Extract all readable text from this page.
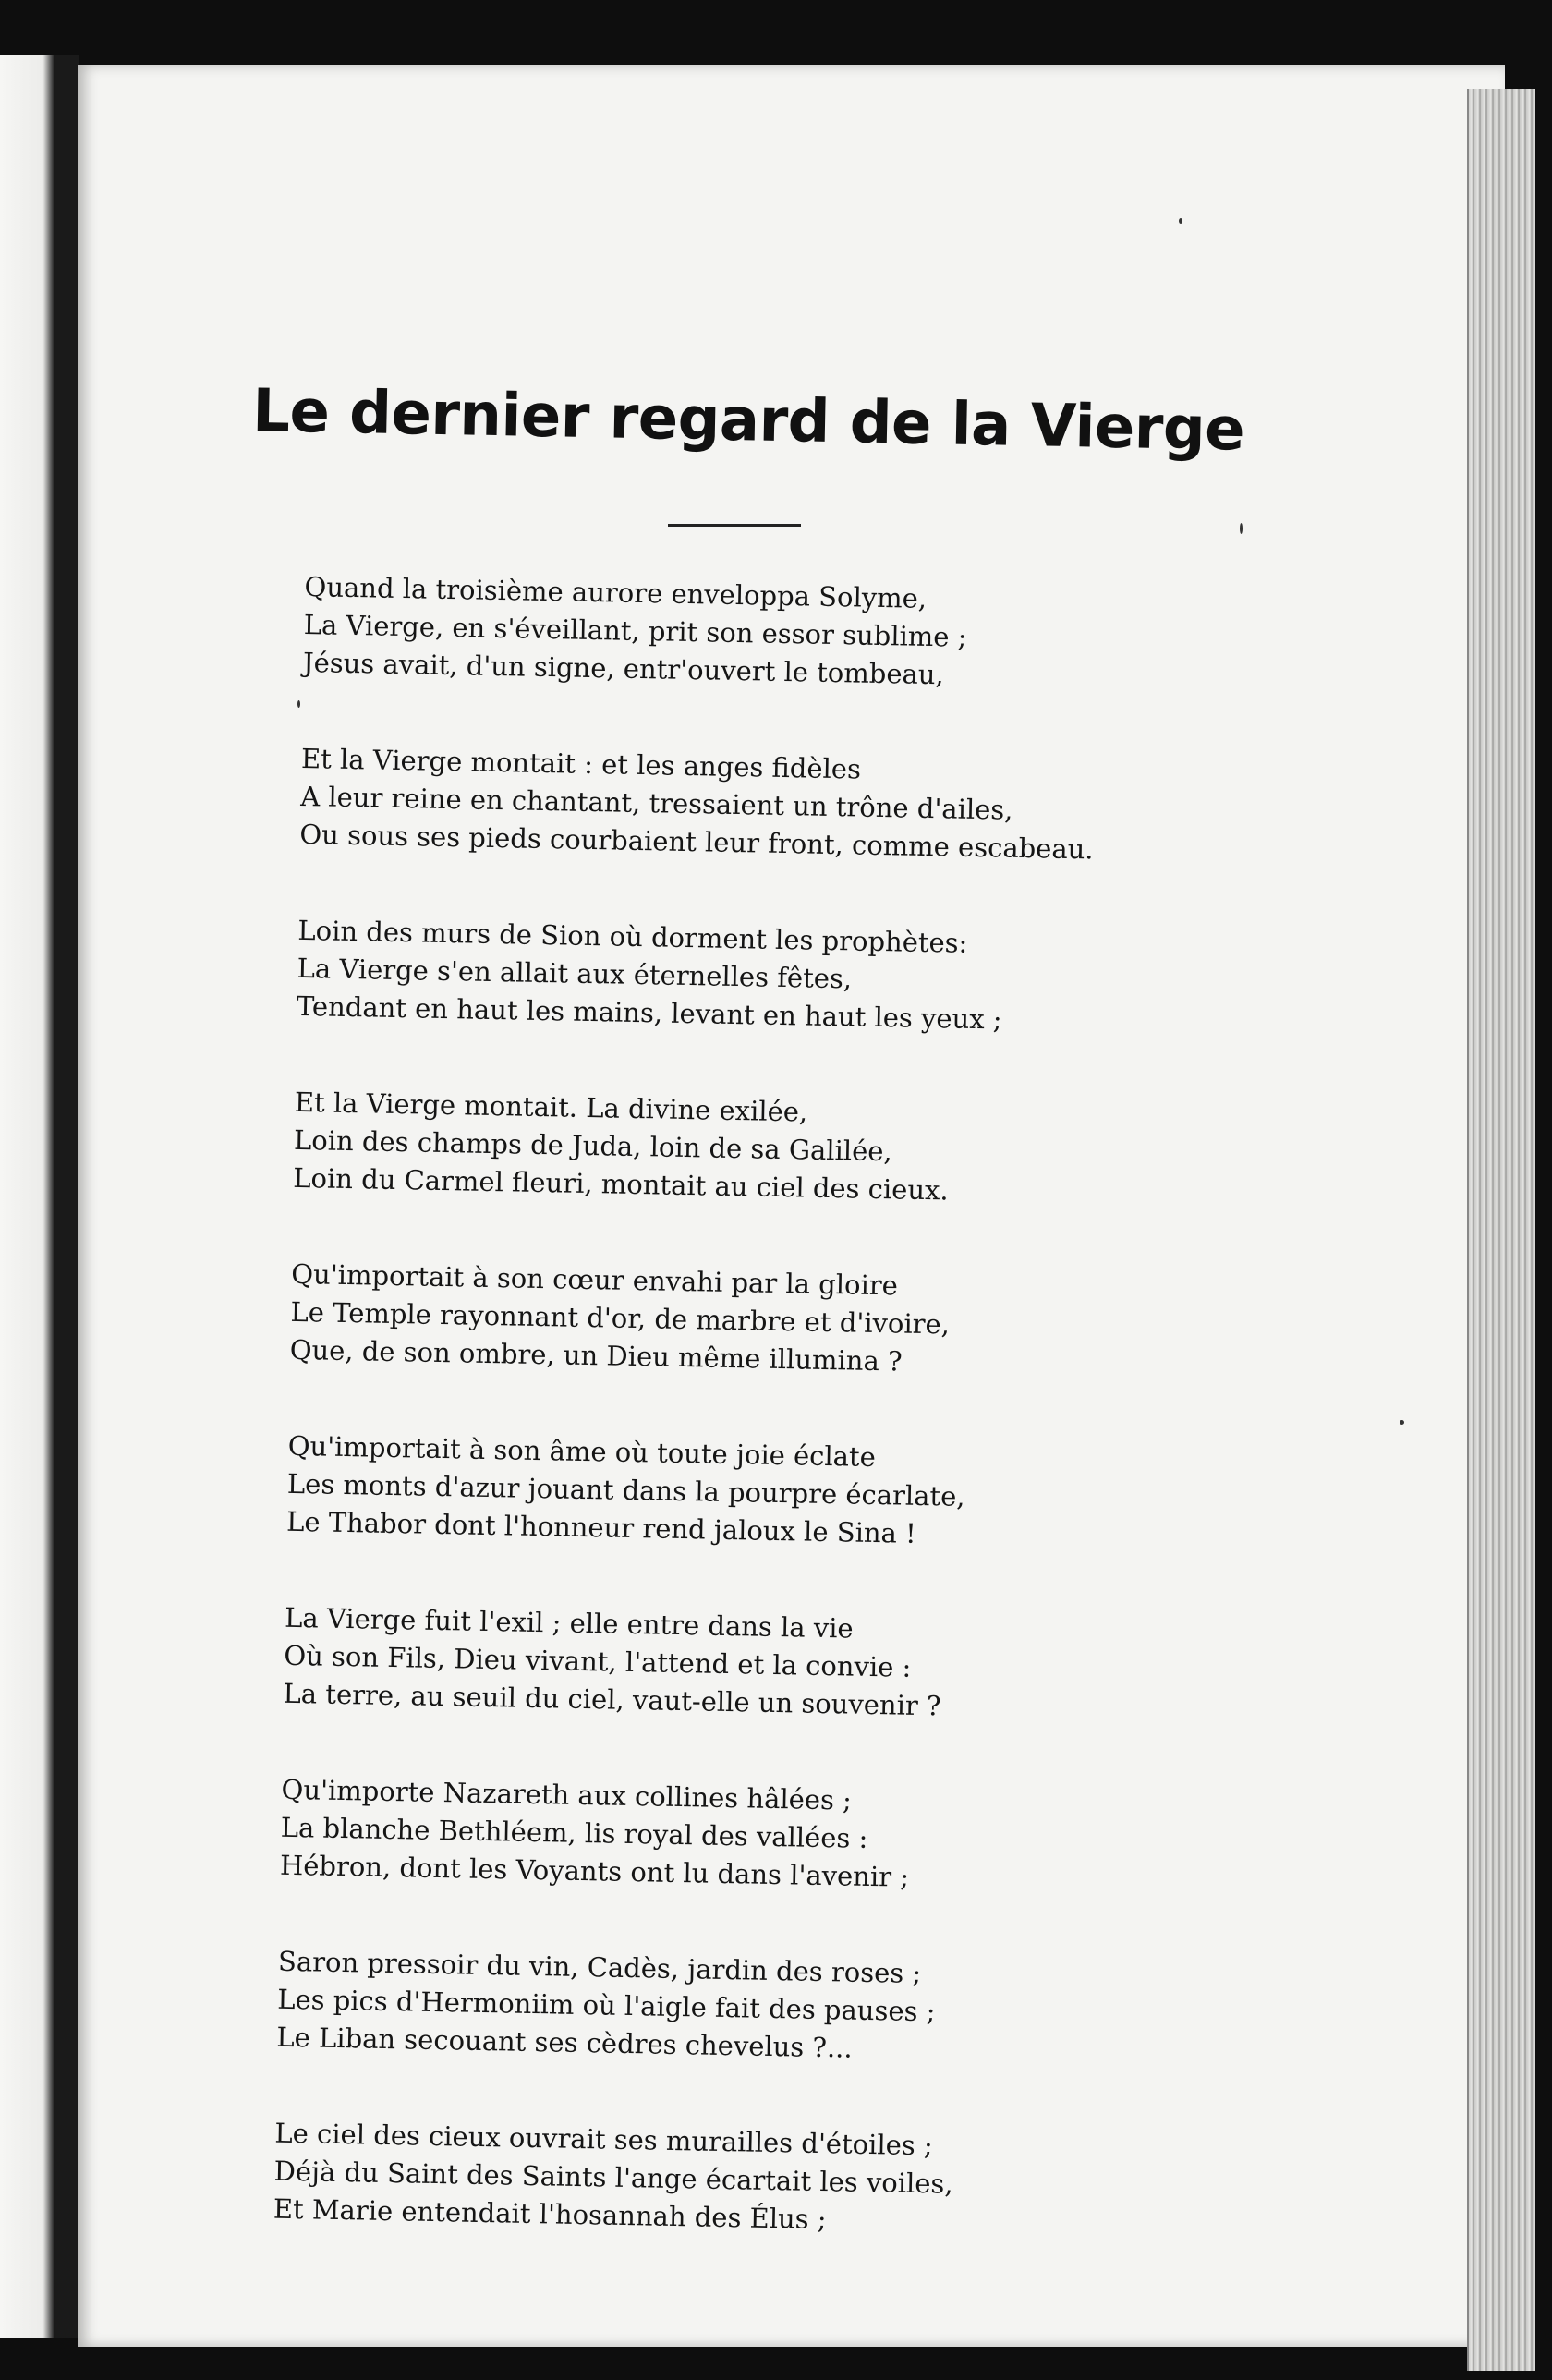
Le dernier regard de la Vierge
Quand la troisième aurore enveloppa Solyme,
La Vierge, en s'éveillant, prit son essor sublime ;
Jésus avait, d'un signe, entr'ouvert le tombeau,
Et la Vierge montait : et les anges fidèles
A leur reine en chantant, tressaient un trône d'ailes,
Ou sous ses pieds courbaient leur front, comme escabeau.
Loin des murs de Sion où dorment les prophètes:
La Vierge s'en allait aux éternelles fêtes,
Tendant en haut les mains, levant en haut les yeux ;
Et la Vierge montait. La divine exilée,
Loin des champs de Juda, loin de sa Galilée,
Loin du Carmel fleuri, montait au ciel des cieux.
Qu'importait à son cœur envahi par la gloire
Le Temple rayonnant d'or, de marbre et d'ivoire,
Que, de son ombre, un Dieu même illumina ?
Qu'importait à son âme où toute joie éclate
Les monts d'azur jouant dans la pourpre écarlate,
Le Thabor dont l'honneur rend jaloux le Sina !
La Vierge fuit l'exil ; elle entre dans la vie
Où son Fils, Dieu vivant, l'attend et la convie :
La terre, au seuil du ciel, vaut-elle un souvenir ?
Qu'importe Nazareth aux collines hâlées ;
La blanche Bethléem, lis royal des vallées :
Hébron, dont les Voyants ont lu dans l'avenir ;
Saron pressoir du vin, Cadès, jardin des roses ;
Les pics d'Hermoniim où l'aigle fait des pauses ;
Le Liban secouant ses cèdres chevelus ?...
Le ciel des cieux ouvrait ses murailles d'étoiles ;
Déjà du Saint des Saints l'ange écartait les voiles,
Et Marie entendait l'hosannah des Élus ;
